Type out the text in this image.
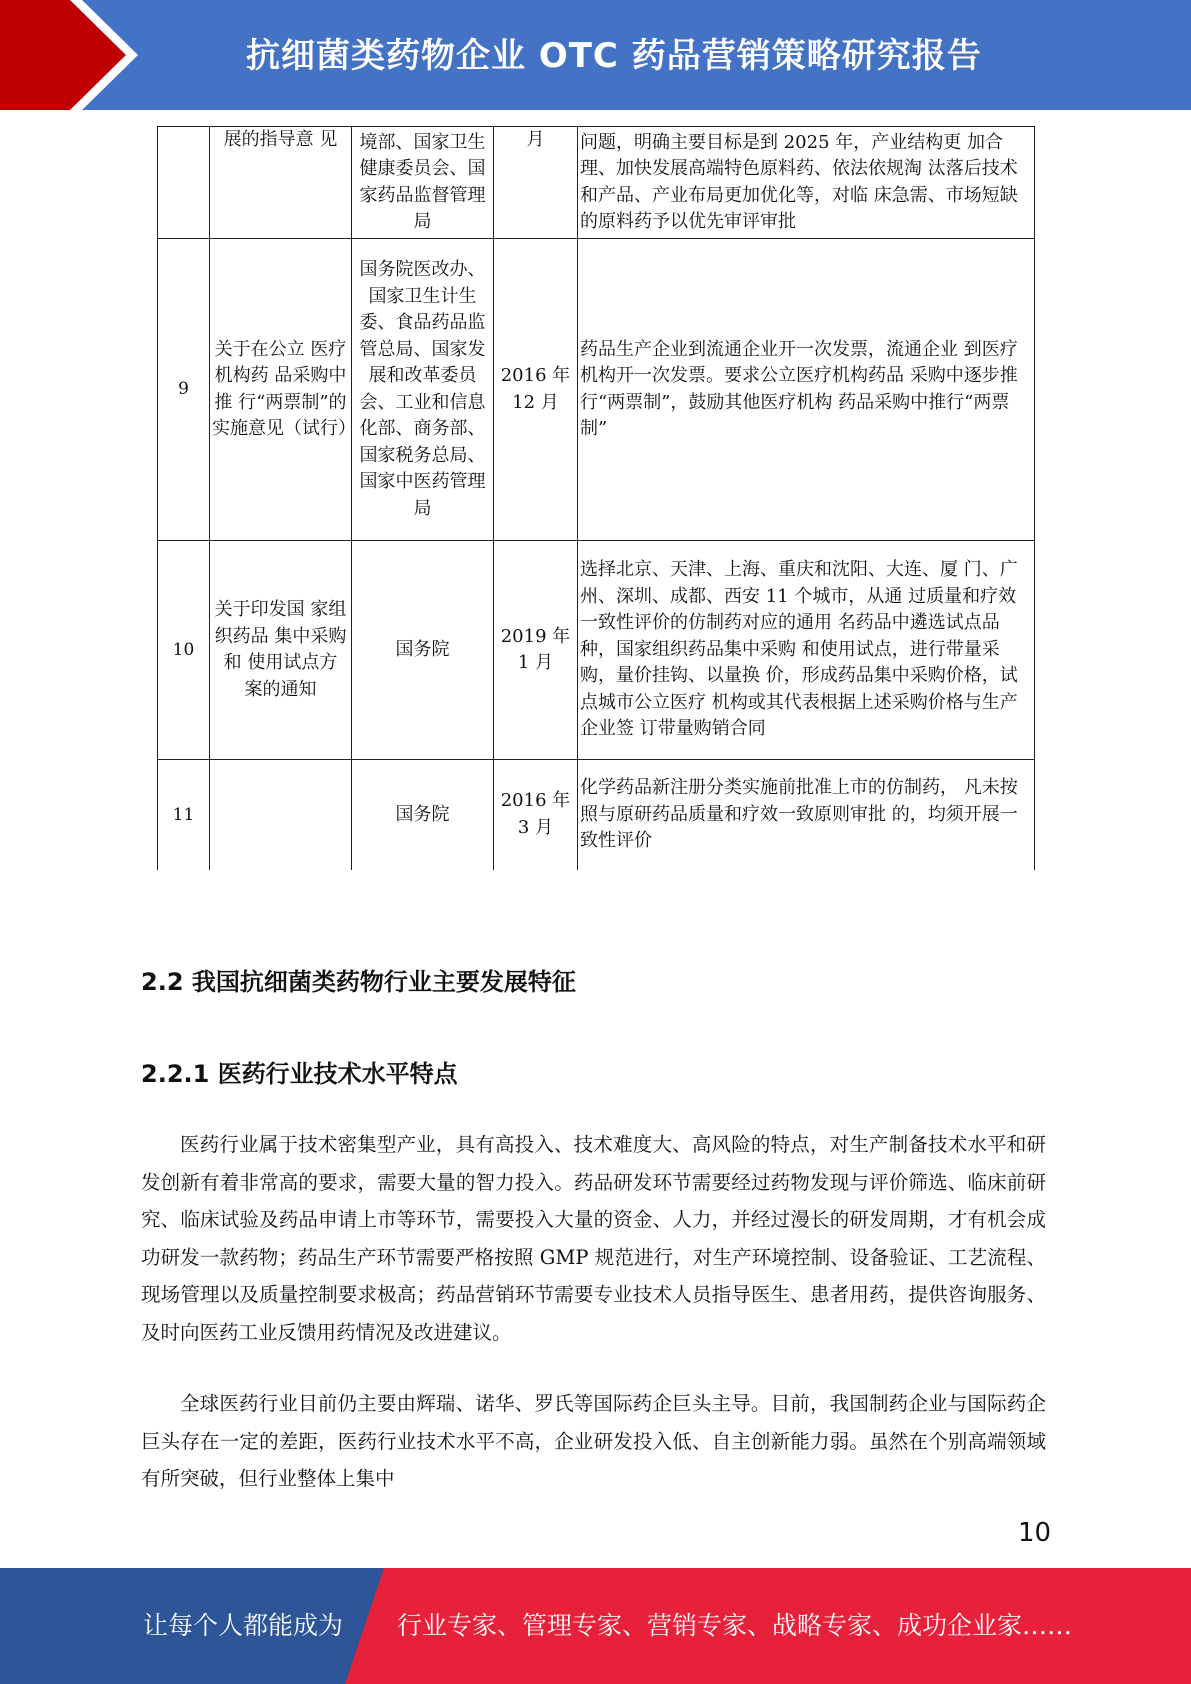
抗细菌类药物企业 OTC 药品营销策略研究报告
	展的指导意 见	境部、国家卫生健康委员会、国家药品监督管理局	月	问题，明确主要目标是到 2025 年，产业结构更 加合理、加快发展高端特色原料药、依法依规淘 汰落后技术和产品、产业布局更加优化等，对临 床急需、市场短缺的原料药予以优先审评审批
9	关于在公立 医疗机构药 品采购中推 行“两票制”的实施意见（试行）	国务院医改办、国家卫生计生委、食品药品监管总局、国家发展和改革委员会、工业和信息化部、商务部、国家税务总局、国家中医药管理局	2016 年 12 月	药品生产企业到流通企业开一次发票，流通企业 到医疗机构开一次发票。要求公立医疗机构药品 采购中逐步推行“两票制”，鼓励其他医疗机构 药品采购中推行“两票制”
10	关于印发国 家组织药品 集中采购和 使用试点方 案的通知	国务院	2019 年 1 月	选择北京、天津、上海、重庆和沈阳、大连、厦 门、广州、深圳、成都、西安 11 个城市，从通 过质量和疗效一致性评价的仿制药对应的通用 名药品中遴选试点品种，国家组织药品集中采购 和使用试点，进行带量采购，量价挂钩、以量换 价，形成药品集中采购价格，试点城市公立医疗 机构或其代表根据上述采购价格与生产企业签 订带量购销合同
11		国务院	2016 年 3 月	化学药品新注册分类实施前批准上市的仿制药， 凡未按照与原研药品质量和疗效一致原则审批 的，均须开展一致性评价
2.2 我国抗细菌类药物行业主要发展特征
2.2.1 医药行业技术水平特点

医药行业属于技术密集型产业，具有高投入、技术难度大、高风险的特点，对生产制备技术水平和研发创新有着非常高的要求，需要大量的智力投入。药品研发环节需要经过药物发现与评价筛选、临床前研究、临床试验及药品申请上市等环节，需要投入大量的资金、人力，并经过漫长的研发周期，才有机会成功研发一款药物；药品生产环节需要严格按照 GMP 规范进行，对生产环境控制、设备验证、工艺流程、现场管理以及质量控制要求极高；药品营销环节需要专业技术人员指导医生、患者用药，提供咨询服务、及时向医药工业反馈用药情况及改进建议。

全球医药行业目前仍主要由辉瑞、诺华、罗氏等国际药企巨头主导。目前，我国制药企业与国际药企巨头存在一定的差距，医药行业技术水平不高，企业研发投入低、自主创新能力弱。虽然在个别高端领域有所突破，但行业整体上集中

10
让每个人都能成为 行业专家、管理专家、营销专家、战略专家、成功企业家……
